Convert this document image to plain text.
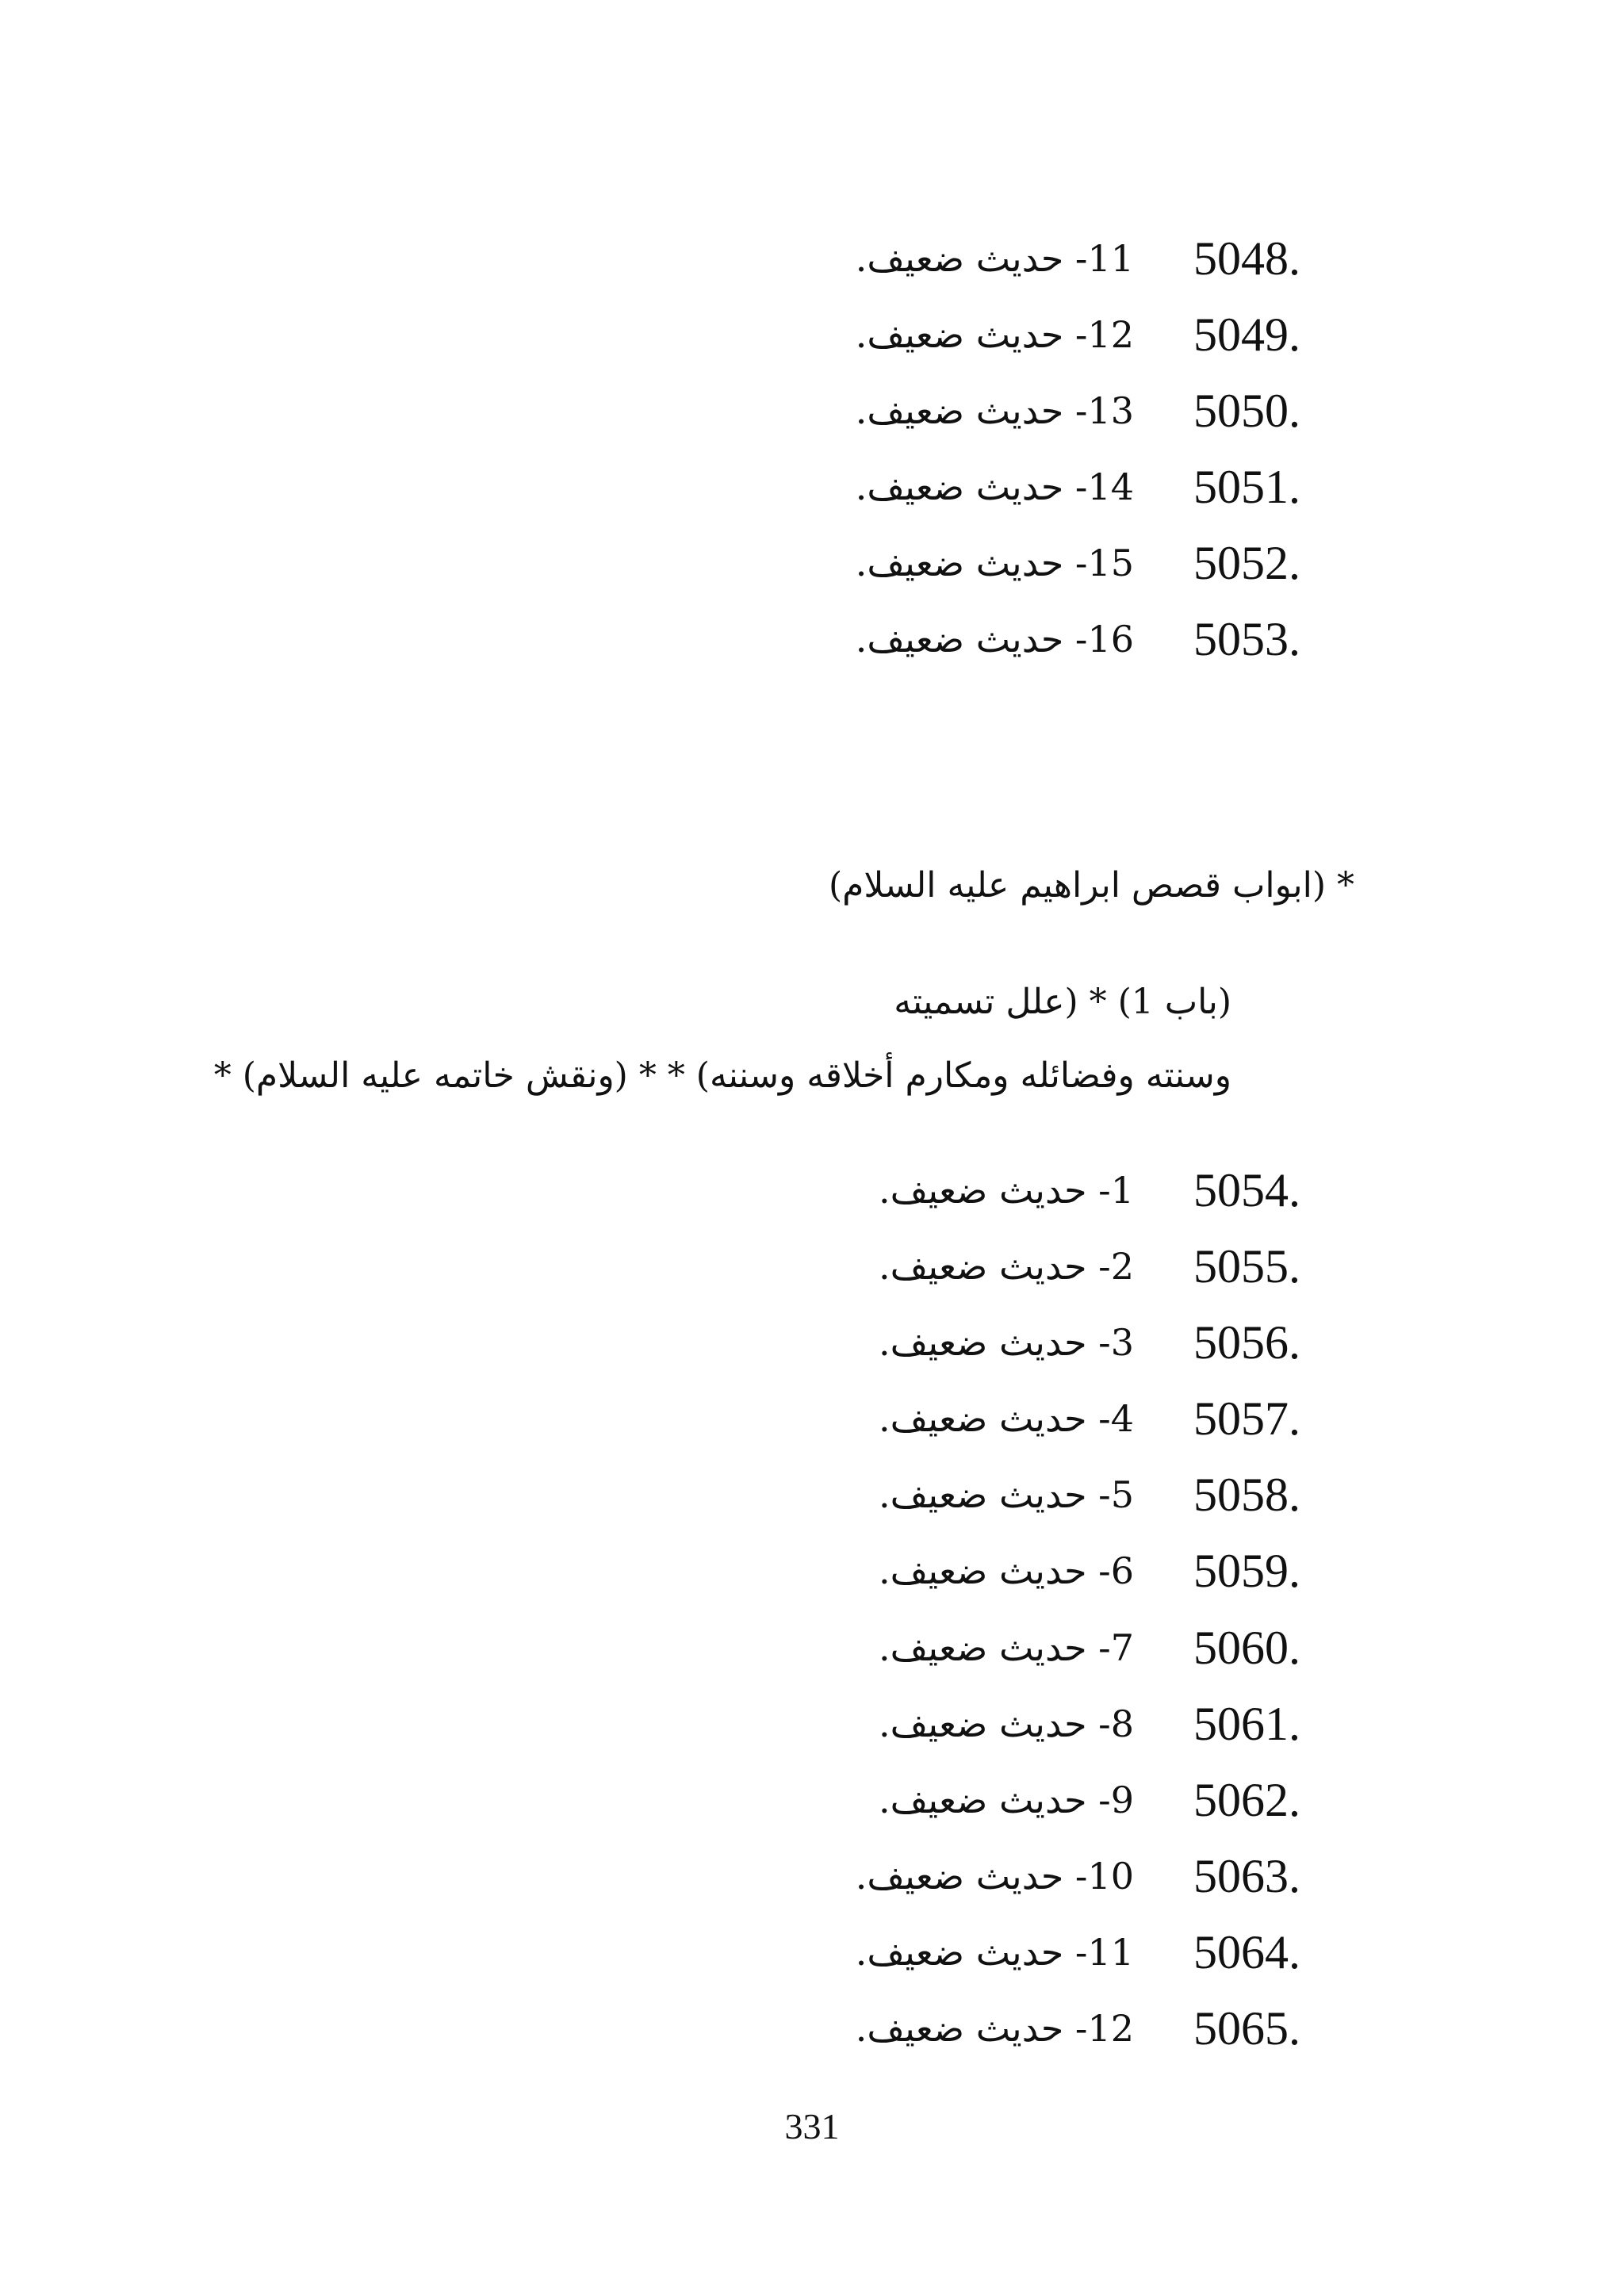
5048.
11- حديث ضعيف.
5049.
12- حديث ضعيف.
5050.
13- حديث ضعيف.
5051.
14- حديث ضعيف.
5052.
15- حديث ضعيف.
5053.
16- حديث ضعيف.
* (ابواب قصص ابراهيم عليه السلام)
(باب 1) * (علل تسميته
وسنته وفضائله ومكارم أخلاقه وسننه) * * (ونقش خاتمه عليه السلام) *
5054.
1- حديث ضعيف.
5055.
2- حديث ضعيف.
5056.
3- حديث ضعيف.
5057.
4- حديث ضعيف.
5058.
5- حديث ضعيف.
5059.
6- حديث ضعيف.
5060.
7- حديث ضعيف.
5061.
8- حديث ضعيف.
5062.
9- حديث ضعيف.
5063.
10- حديث ضعيف.
5064.
11- حديث ضعيف.
5065.
12- حديث ضعيف.
331
